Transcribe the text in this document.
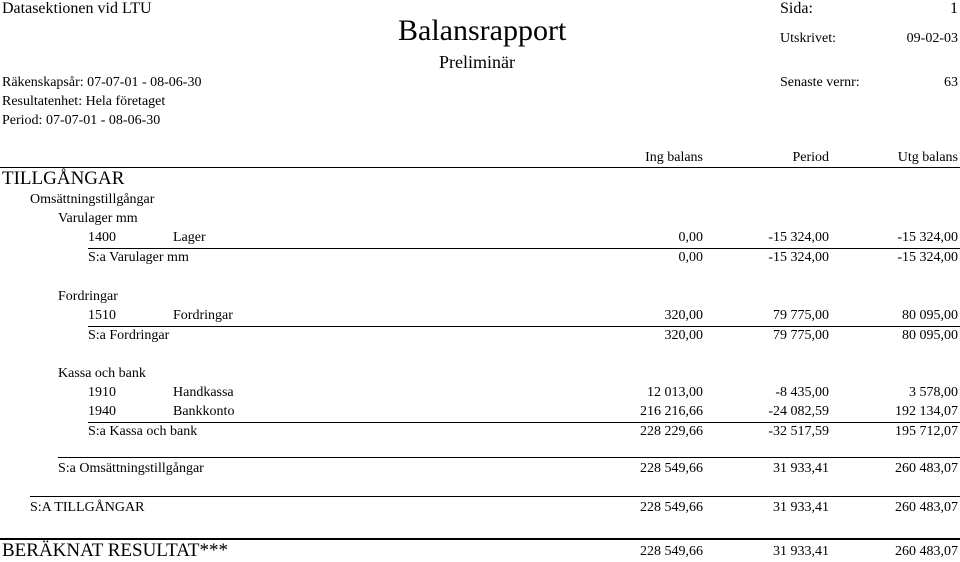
Datasektionen vid LTU
Balansrapport
Preliminär
Sida:	1
Utskrivet:	09-02-03
Räkenskapsår: 07-07-01 - 08-06-30	Senaste vernr:	63
Resultatenhet: Hela företaget
Period: 07-07-01 - 08-06-30
Ing balans	Period	Utg balans
TILLGÅNGAR
Omsättningstillgångar
Varulager mm
1400	Lager	0,00	-15 324,00	-15 324,00
S:a Varulager mm	0,00	-15 324,00	-15 324,00
Fordringar
1510	Fordringar	320,00	79 775,00	80 095,00
S:a Fordringar	320,00	79 775,00	80 095,00
Kassa och bank
1910	Handkassa	12 013,00	-8 435,00	3 578,00
1940	Bankkonto	216 216,66	-24 082,59	192 134,07
S:a Kassa och bank	228 229,66	-32 517,59	195 712,07
S:a Omsättningstillgångar	228 549,66	31 933,41	260 483,07
S:A TILLGÅNGAR	228 549,66	31 933,41	260 483,07
BERÄKNAT RESULTAT***	228 549,66	31 933,41	260 483,07
